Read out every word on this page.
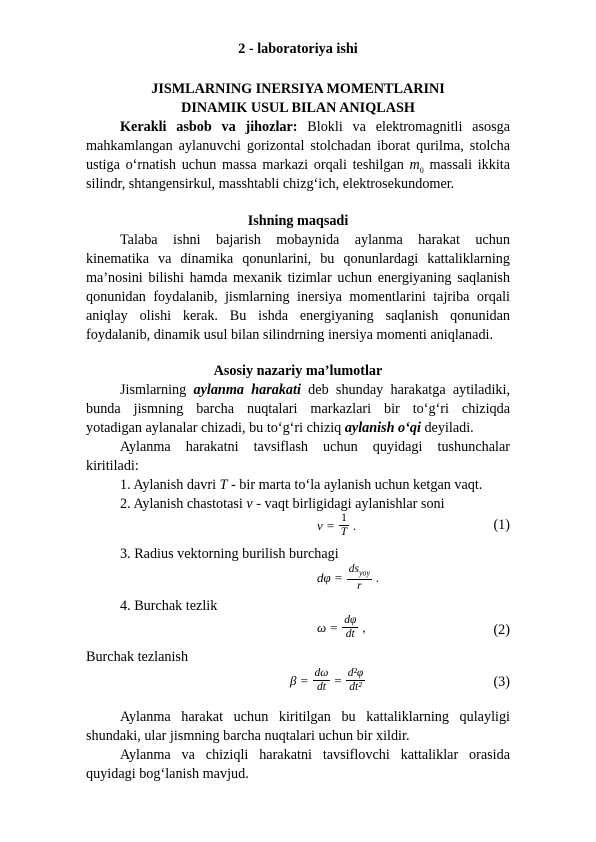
2 - laboratoriya ishi
JISMLARNING INERSIYA MOMENTLARINI
DINAMIK USUL BILAN ANIQLASH
Kerakli asbob va jihozlar: Blokli va elektromagnitli asosga
mahkamlangan aylanuvchi gorizontal stolchadan iborat qurilma, stolcha
ustiga o‘rnatish uchun massa markazi orqali teshilgan $m_0$ massali ikkita
silindr, shtangensirkul, masshtabli chizg‘ich, elektrosekundomer.
Ishning maqsadi
Talaba ishni bajarish mobaynida aylanma harakat uchun
kinematika va dinamika qonunlarini, bu qonunlardagi kattaliklarning
ma’nosini bilishi hamda mexanik tizimlar uchun energiyaning saqlanish
qonunidan foydalanib, jismlarning inersiya momentlarini tajriba orqali
aniqlay olishi kerak. Bu ishda energiyaning saqlanish qonunidan
foydalanib, dinamik usul bilan silindrning inersiya momenti aniqlanadi.
Asosiy nazariy ma’lumotlar
Jismlarning aylanma harakati deb shunday harakatga aytiladiki,
bunda jismning barcha nuqtalari markazlari bir to‘g‘ri chiziqda
yotadigan aylanalar chizadi, bu to‘g‘ri chiziq aylanish o‘qi deyiladi.
Aylanma harakatni tavsiflash uchun quyidagi tushunchalar
kiritiladi:
1. Aylanish davri T - bir marta to‘la aylanish uchun ketgan vaqt.
2. Aylanish chastotasi ν - vaqt birligidagi aylanishlar soni
$\nu = \frac{1}{T}$ .	(1)
3. Radius vektorning burilish burchagi
$d\varphi = \frac{ds_{yoy}}{r}$ .
4. Burchak tezlik
$\omega = \frac{d\varphi}{dt}$ ,	(2)
Burchak tezlanish
$\beta = \frac{d\omega}{dt} = \frac{\text{d²φ}}{\text{dt²}}$	(3)
Aylanma harakat uchun kiritilgan bu kattaliklarning qulayligi
shundaki, ular jismning barcha nuqtalari uchun bir xildir.
Aylanma va chiziqli harakatni tavsiflovchi kattaliklar orasida
quyidagi bog‘lanish mavjud.
